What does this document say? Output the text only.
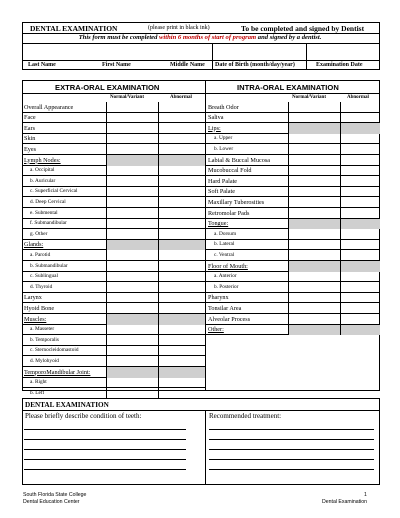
DENTAL EXAMINATION	(please print in black ink)	To be completed and signed by Dentist
This form must be completed within 6 months of start of program and signed by a dentist.
Last Name	First Name	Middle Name Date of Birth (month/day/year)	Examination Date
EXTRA-ORAL EXAMINATION	INTRA-ORAL EXAMINATION
Normal/Variant	Abnormal	Normal/Variant	Abnormal
Overall Appearance
Face
Ears
Skin
Eyes
Lymph Nodes:
a. Occipital
b. Auricular
c. Superficial Cervical
d. Deep Cervical
e. Submental
f. Submandibular
g. Other
Glands:
a. Parotid
b. Submandibular
c. Sublingual
d. Thyroid
Larynx
Hyoid Bone
Muscles:
a. Masseter
b. Temporalis
c. Sternocleidomastoid
d. Mylohyoid
TemporoMandibular Joint:
a. Right
b. Left
Breath Odor
Saliva
Lips:
a. Upper
b. Lower
Labial & Buccal Mucosa
Mucobuccal Fold
Hard Palate
Soft Palate
Maxillary Tuberosities
Retromolar Pads
Tongue:
a. Dorsum
b. Lateral
c. Ventral
Floor of Mouth:
a. Anterior
b. Posterior
Pharynx
Tonsilar Area
Alveolar Process
Other:
DENTAL EXAMINATION
Please briefly describe condition of teeth:	Recommended treatment:
South Florida State College
Dental Education Center
1
Dental Examination
